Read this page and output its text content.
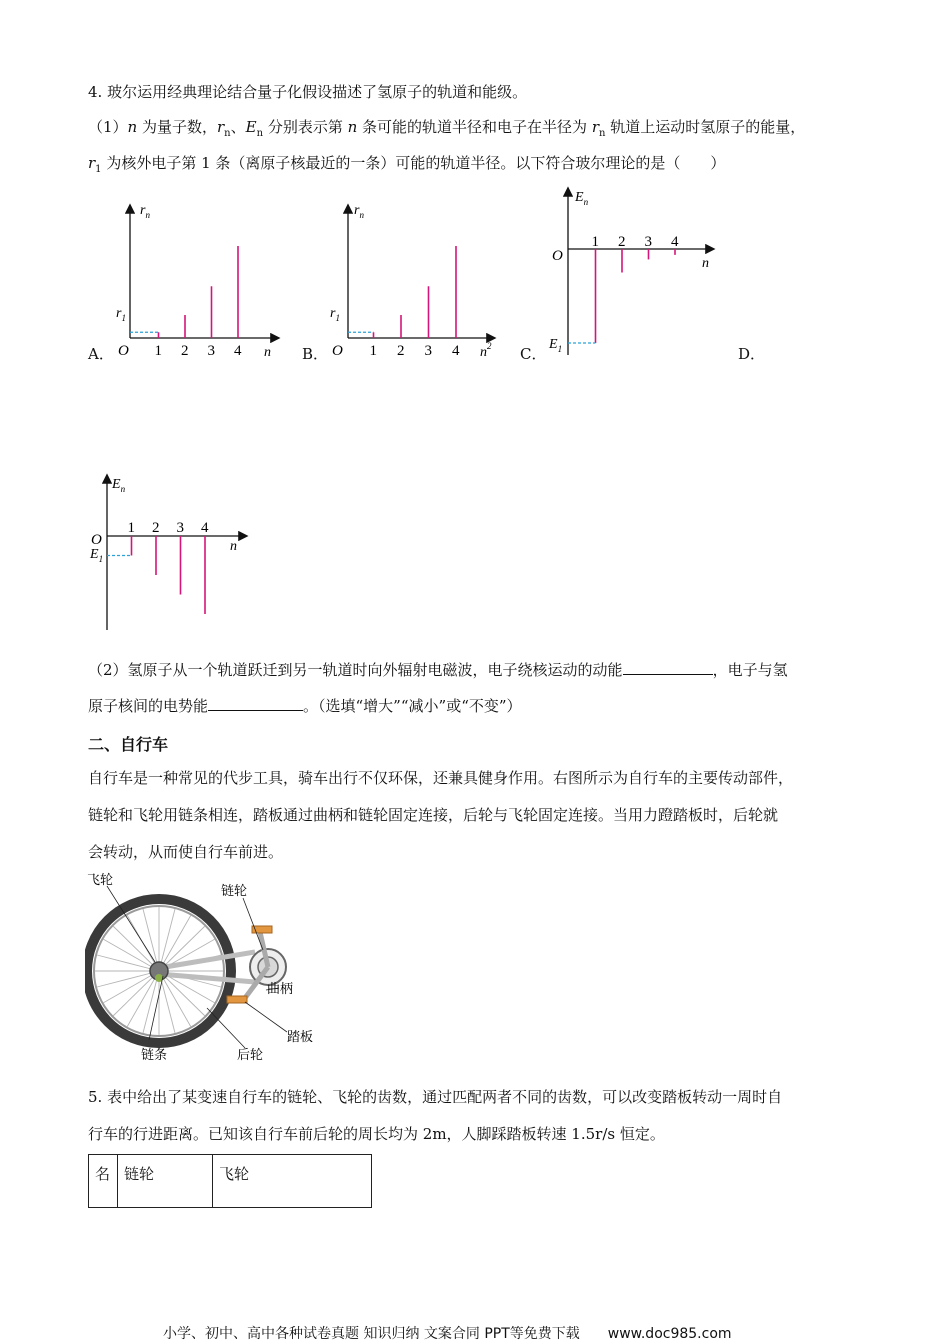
4. 玻尔运用经典理论结合量子化假设描述了氢原子的轨道和能级。
（1）n 为量子数，$r_n$、$E_n$ 分别表示第 n 条可能的轨道半径和电子在半径为 $r_n$ 轨道上运动时氢原子的能量，
$r_1$ 为核外电子第 1 条（离原子核最近的一条）可能的轨道半径。以下符合玻尔理论的是（　　）
A．	B．	C．	D．
$r_n$
n
O
$r_1$
1 2 3 4
$r_n$
$n^2$
O
$r_1$
1 2 3 4
$E_n$
n
O
$E_1$
1 2 3 4
$E_n$
n
O
$E_1$
1 2 3 4
（2）氢原子从一个轨道跃迁到另一轨道时向外辐射电磁波，电子绕核运动的动能	，电子与氢
原子核间的电势能	。（选填“增大”“减小”或“不变”）
二、自行车
自行车是一种常见的代步工具，骑车出行不仅环保，还兼具健身作用。右图所示为自行车的主要传动部件，
链轮和飞轮用链条相连，踏板通过曲柄和链轮固定连接，后轮与飞轮固定连接。当用力蹬踏板时，后轮就
会转动，从而使自行车前进。
飞轮
链轮
曲柄
踏板
链条	后轮
5. 表中给出了某变速自行车的链轮、飞轮的齿数，通过匹配两者不同的齿数，可以改变踏板转动一周时自
行车的行进距离。已知该自行车前后轮的周长均为 2m，人脚踩踏板转速 1.5r/s 恒定。
名	链轮	飞轮
小学、初中、高中各种试卷真题 知识归纳 文案合同 PPT等免费下载　　www.doc985.com
